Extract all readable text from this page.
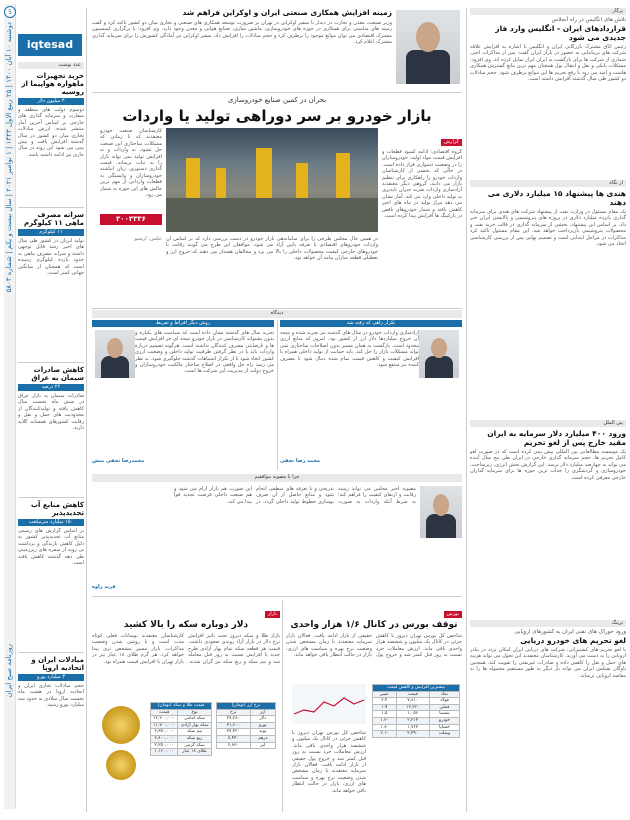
5
دوشنبه ۱۰ آبان ۱۴۰۰ | ۲۵ ربیع الاول ۱۴۴۳ | ۱ نوامبر ۲۰۲۱ | سال بیست و یکم | شماره ۵۸۰۳
روزنامه صبح ایران
iqtesad
عدد نوشت
خرید تجهیزات ماهواره هواپیما از روسیه
۳ میلیون دلار
دوسوم دولت های منطقه و سفارت و سرمایه گذاری های خارجی بر اساس آخرین آمار منتشر شده، ارزش مبادلات تجاری میان دو کشور در سال گذشته افزایش یافت و پیش بینی می شود این روند در سال جاری نیز ادامه داشته باشد.
سرانه مصرف ماهی ۱۱ کیلوگرم
۱۱ کیلوگرم
تولید آبزیان در کشور طی سال های اخیر رشد قابل توجهی داشته و سرانه مصرف ماهی به حدود یازده کیلوگرم رسیده است که همچنان از میانگین جهانی کمتر است.
کاهش صادرات سیمان به عراق
۲۶ درصد
صادرات سیمان به بازار عراق در شش ماه نخست سال کاهش یافته و تولیدکنندگان از محدودیت های حمل و نقل و رقابت کشورهای همسایه گلایه دارند.
کاهش منابع آب تجدیدپذیر
۱۵۰ میلیارد مترمکعب
بر اساس گزارش های رسمی منابع آب تجدیدپذیر کشور به دلیل کاهش بارندگی و برداشت بی رویه از سفره های زیرزمینی طی دهه گذشته کاهش یافته است.
مبادلات ایران و اتحادیه اروپا
۳ میلیارد یورو
حجم مبادلات تجاری ایران و اتحادیه اروپا در هشت ماه نخست سال میلادی به حدود سه میلیارد یورو رسید.
زمینه افزایش همکاری صنعتی ایران و اوکراین فراهم شد
وزیر صنعت، معدن و تجارت در دیدار با سفیر اوکراین در تهران بر ضرورت توسعه همکاری های صنعتی و تجاری میان دو کشور تاکید کرد و گفت زمینه های مناسبی برای همکاری در حوزه های خودروسازی، ماشین سازی، صنایع هوایی و معدن وجود دارد. وی افزود: با برگزاری کمیسیون مشترک اقتصادی می توان موانع موجود را برطرف کرد و حجم مبادلات را افزایش داد. سفیر اوکراین نیز آمادگی کشورش را برای سرمایه گذاری مشترک اعلام کرد.
بحران در کمین صنایع خودروسازی
بازار خودرو بر سر دوراهی تولید یا واردات
کارشناسان صنعت خودرو معتقدند که تا زمانی که مشکلات ساختاری این صنعت حل نشود، نه واردات و نه افزایش تولید نمی تواند بازار را به ثبات برساند. قیمت گذاری دستوری، زیان انباشته خودروسازان و وابستگی به قطعات وارداتی از مهم ترین چالش های این حوزه به شمار می رود.
۳۰۰۳۳۳۶
گزارش
گروه اقتصادی: ادامه کمبود قطعات و افزایش قیمت مواد اولیه، خودروسازان را در وضعیت دشواری قرار داده است. در حالی که بخشی از کارشناسان واردات خودرو را راهکاری برای تنظیم بازار می دانند، گروهی دیگر معتقدند آزادسازی واردات ضربه جبران ناپذیری به تولید داخلی وارد می کند. آمار نشان می دهد تیراژ تولید در ماه های اخیر کاهش یافته و شمار خودروهای ناقص در پارکینگ ها افزایش پیدا کرده است.
در همین حال مجلس طرحی را برای ساماندهی بازار خودرو در دست بررسی دارد که بر اساس آن واردات خودروهای اقتصادی با تعرفه پایین آزاد می شود. موافقان این طرح می گویند رقابت با خودروهای خارجی کیفیت محصولات داخلی را بالا می برد و مخالفان هشدار می دهند که خروج ارز و تعطیلی قطعه سازان پیامد آن خواهد بود.
عکس: آرشیو
دیدگاه
روش دیگر افراط و تفریط
تجربه سال های گذشته نشان داده است که سیاست های یکباره و بدون پشتوانه کارشناسی در بازار خودرو نتیجه ای جز افزایش قیمت ها و نارضایتی مصرف کنندگان نداشته است. هرگونه تصمیم درباره واردات باید با در نظر گرفتن ظرفیت تولید داخلی و وضعیت ارزی کشور اتخاذ شود تا از تکرار اشتباهات گذشته جلوگیری شود. به نظر می رسد راه حل واقعی در اصلاح ساختار مالکیت خودروسازان و خروج دولت از مدیریت این شرکت ها است.
محمدرضا نجفی منش
تکرار راهی که رفته شد
آزادسازی واردات خودرو در سال های گذشته نیز تجربه شده و نتیجه آن خروج میلیاردها دلار ارز از کشور بود. امروز که منابع ارزی محدود است، بازگشت به همان مسیر بدون اصلاحات ساختاری نمی تواند مشکلات بازار را حل کند. باید حمایت از تولید داخلی همراه با افزایش کیفیت و کاهش قیمت تمام شده دنبال شود تا مصرف کننده نیز منتفع شود.
محمد رضا نجفی
چرا با مصوبه موافقیم
مصوبه اخیر مجلس می تواند زمینه رقابت و ارتقای کیفیت را فراهم کند؛ به شرط آنکه واردات به صورت تدریجی و با تعرفه های منطقی انجام شود و منابع حاصل از آن صرف نوسازی خطوط تولید داخلی گردد. در این صورت هم بازار آرام می شود و هم صنعت داخلی فرصت تجدید قوا پیدا می کند.
فربد زاوه
بازار
دلار دوباره سکه را بالا کشید
بازار طلا و سکه دیروز تحت تاثیر افزایش نرخ دلار در بازار آزاد روندی صعودی داشت. قیمت هر قطعه سکه تمام بهار آزادی طرح جدید با افزایش نسبت به روز قبل معامله شد و نیم سکه و ربع سکه نیز گران شدند. کارشناسان معتقدند نوسانات فعلی کوتاه مدت است و با روشن شدن وضعیت مذاکرات، بازار مسیر مشخص تری پیدا خواهد کرد. هر گرم طلای ۱۸ عیار نیز در بازار تهران با افزایش قیمت همراه بود.
قیمت طلا و سکه (تومان)	
نوع	قیمت
سکه امامی	۱۲,۲۰۰,۰۰۰
سکه بهار آزادی	۱۱,۷۰۰,۰۰۰
نیم سکه	۶,۳۵۰,۰۰۰
ربع سکه	۳,۸۰۰,۰۰۰
سکه گرمی	۲,۲۵۰,۰۰۰
طلای ۱۸ عیار	۱,۱۶۰,۰۰۰
نرخ ارز (تومان)	
ارز	نرخ
دلار	۲۷,۲۸۰
یورو	۳۱,۶۰۰
پوند	۳۷,۴۲۰
درهم	۷,۴۴۰
لیر	۲,۸۳۰
بورس
توقف بورس در کانال ۱/۶ هزار واحدی
شاخص کل بورس تهران دیروز با کاهش جزئی در کانال یک میلیون و ششصد هزار واحدی باقی ماند. ارزش معاملات خرد نسبت به روز قبل کمتر شد و خروج پول حقیقی از بازار ادامه یافت. فعالان بازار سرمایه معتقدند تا زمان مشخص شدن وضعیت نرخ بهره و سیاست های ارزی، بازار در حالت انتظار باقی خواهد ماند.
بیشترین افزایش و کاهش قیمت		
نماد	قیمت	تغییر
فولاد	۷,۸۱۰	۲.۴
فملی	۱۲,۳۲۰	۱.۹
شستا	۱,۰۵۶	۱.۵
خودرو	۲,۲۱۴	-۱.۲
خساپا	۱,۷۶۳	-۱.۸
وبملت	۲,۴۹۰	-۲.۱
شاخص کل بورس تهران دیروز با کاهش جزئی در کانال یک میلیون و ششصد هزار واحدی باقی ماند. ارزش معاملات خرد نسبت به روز قبل کمتر شد و خروج پول حقیقی از بازار ادامه یافت. فعالان بازار سرمایه معتقدند تا زمان مشخص شدن وضعیت نرخ بهره و سیاست های ارزی، بازار در حالت انتظار باقی خواهد ماند.
پرگار
تلاش های انگلیس در راه آنجلاس
قراردادهای ایران - انگلیس وارد فاز جدیدی می شود
رئیس اتاق مشترک بازرگانی ایران و انگلیس با اشاره به افزایش علاقه شرکت های بریتانیایی به حضور در بازار ایران گفت: پس از مذاکرات اخیر، شماری از شرکت ها برای بازگشت به ایران ابراز تمایل کرده اند. وی افزود: مشکلات بانکی و نقل و انتقال پول همچنان مهم ترین مانع گسترش همکاری هاست و امید می رود با رفع تحریم ها این موانع برطرف شود. حجم مبادلات دو کشور طی سال گذشته افزایش داشته است.
از نگاه
هندی ها پیشنهاد ۱۵ میلیارد دلاری می دهند
یک مقام مسئول در وزارت نفت از پیشنهاد شرکت های هندی برای سرمایه گذاری پانزده میلیارد دلاری در پروژه های پتروشیمی و پالایشی ایران خبر داد. بر اساس این پیشنهاد، بخشی از سرمایه گذاری در قالب خرید نفت و محصولات پتروشیمی بازپرداخت خواهد شد. این مقام مسئول تاکید کرد مذاکرات در مراحل ابتدایی است و تصمیم نهایی پس از بررسی کارشناسی اتخاذ می شود.
بین الملل
ورود ۴۰۰ میلیارد دلار سرمایه به ایران مقید خارج پس از لغو تحریم
یک موسسه مطالعاتی بین المللی پیش بینی کرده است که در صورت لغو کامل تحریم ها، حجم سرمایه گذاری خارجی در ایران طی پنج سال آینده می تواند به چهارصد میلیارد دلار برسد. این گزارش بخش انرژی، زیرساخت، خودروسازی و گردشگری را جذاب ترین حوزه ها برای سرمایه گذاران خارجی معرفی کرده است.
ترینگ
ورود خوراک های نفتی ایران به کشورهای اروپایی
لغو تحریم های خودرو دریایی
با لغو تحریم های کشتیرانی، شرکت های دریایی ایران امکان تردد در بنادر اروپایی را به دست می آورند. کارشناسان معتقدند این تحول می تواند هزینه های حمل و نقل را کاهش داده و صادرات غیرنفتی را تقویت کند. همچنین ناوگان نفتکش ایران می تواند بار دیگر به طور مستقیم محموله ها را به مقاصد اروپایی برساند.
